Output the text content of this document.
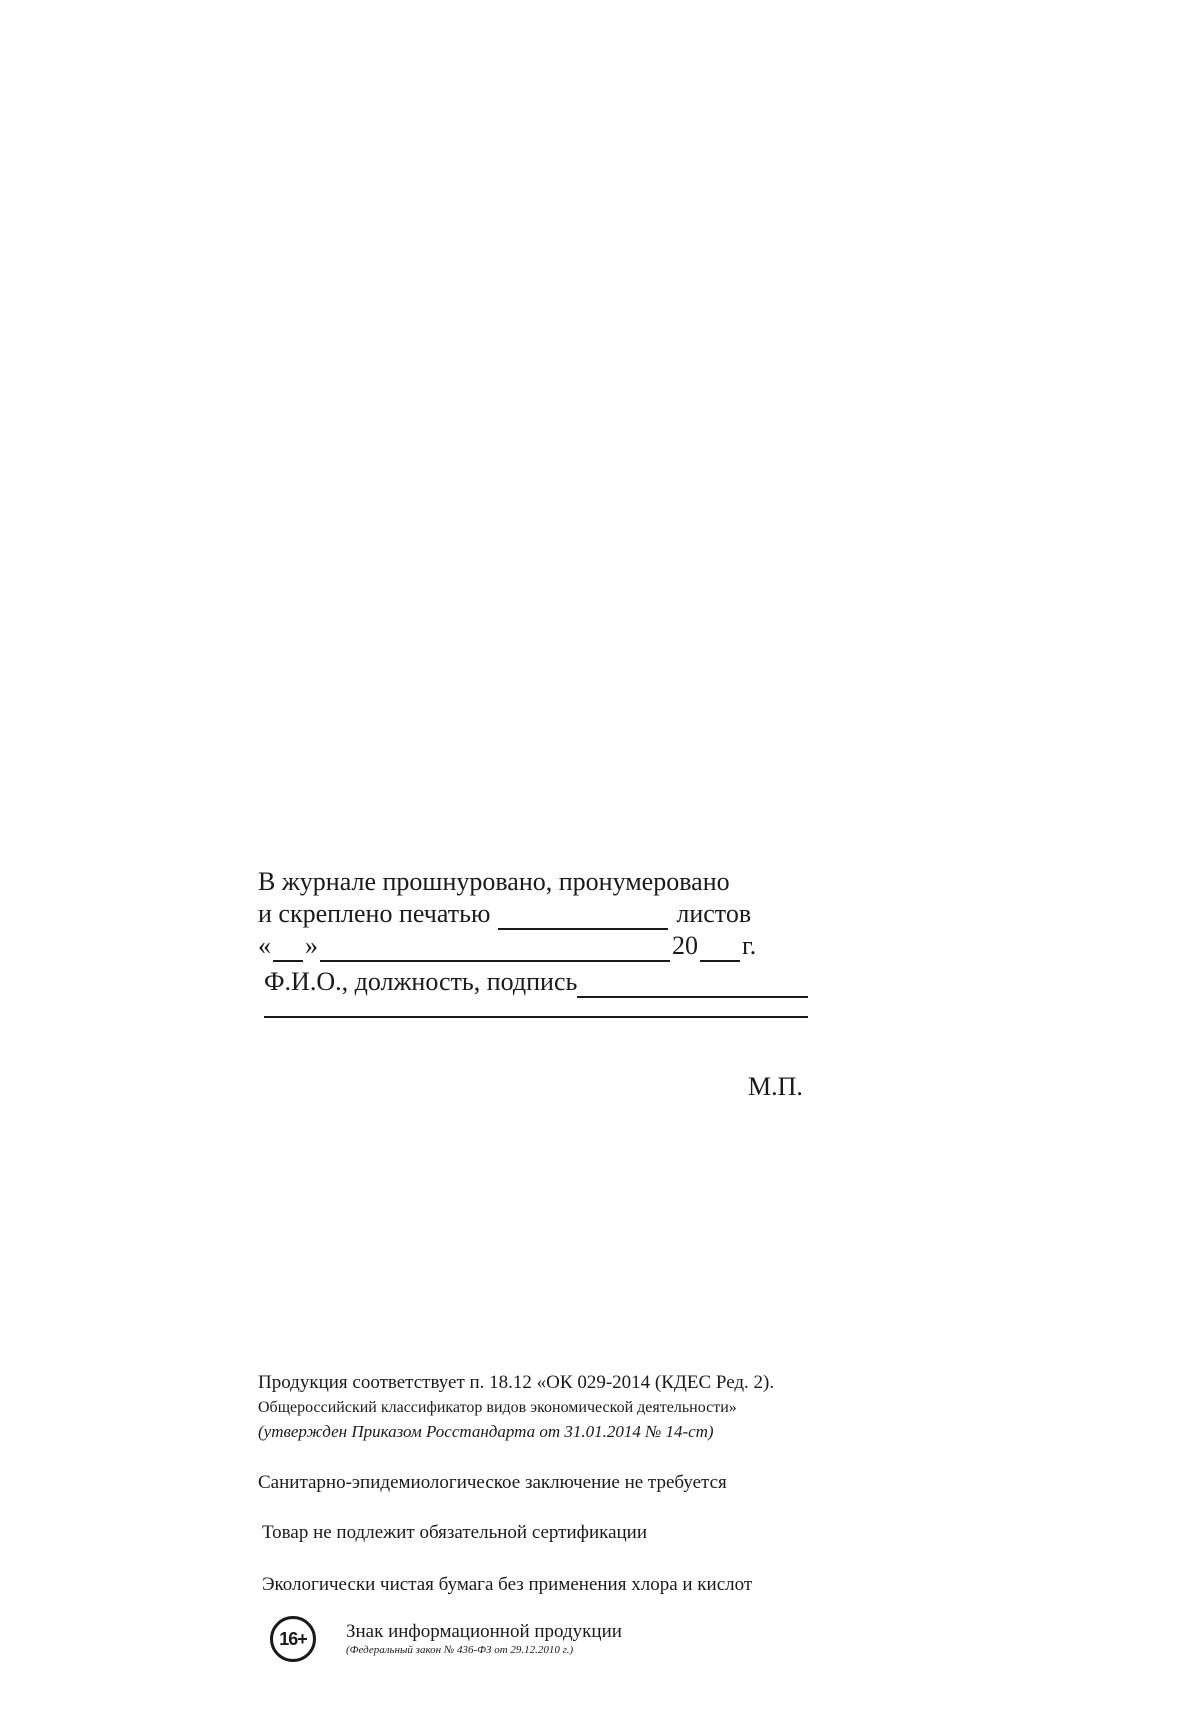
В журнале прошнуровано, пронумеровано
и скреплено печатью	листов
« »	20 г.
Ф.И.О., должность, подпись
М.П.
Продукция соответствует п. 18.12 «ОК 029-2014 (КДЕС Ред. 2).
Общероссийский классификатор видов экономической деятельности»
(утвержден Приказом Росстандарта от 31.01.2014 № 14-ст)
Санитарно-эпидемиологическое заключение не требуется
Товар не подлежит обязательной сертификации
Экологически чистая бумага без применения хлора и кислот
16+ Знак информационной продукции
(Федеральный закон № 436-ФЗ от 29.12.2010 г.)
